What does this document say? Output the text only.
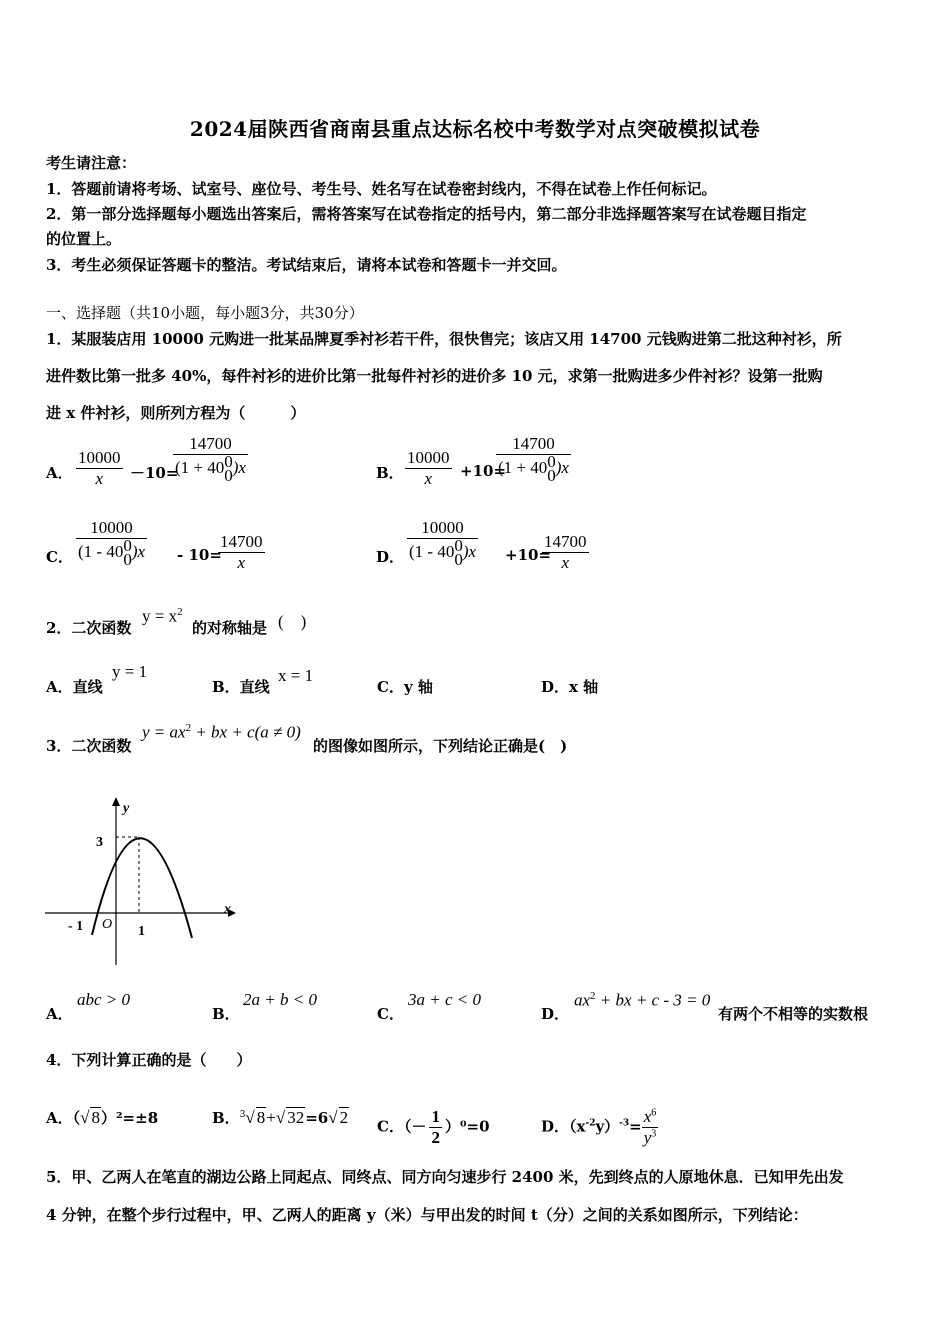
2024届陕西省商南县重点达标名校中考数学对点突破模拟试卷
考生请注意：
1．答题前请将考场、试室号、座位号、考生号、姓名写在试卷密封线内，不得在试卷上作任何标记。
2．第一部分选择题每小题选出答案后，需将答案写在试卷指定的括号内，第二部分非选择题答案写在试卷题目指定
的位置上。
3．考生必须保证答题卡的整洁。考试结束后，请将本试卷和答题卡一并交回。
一、选择题（共10小题，每小题3分，共30分）
1．某服装店用 10000 元购进一批某品牌夏季衬衫若干件，很快售完；该店又用 14700 元钱购进第二批这种衬衫，所
进件数比第一批多 40%，每件衬衫的进价比第一批每件衬衫的进价多 10 元，求第一批购进多少件衬衫？设第一批购
进 x 件衬衫，则所列方程为（　　　）
A． $\frac{10000}{x} -10=$
14700
(1 + 40 0
0 )x	B． $\frac{10000}{x} +10=$
14700
(1 + 40 0
0 )x
C． 10000
(1 - 40 0
0 )x - 10=
$\frac{14700}{x}$	D． 10000
(1 - 40 0
0 )x +10=
$\frac{14700}{x}$
2．二次函数
$y = x^2$
的对称轴是 (　)
A．直线
y = 1
B．直线
x = 1
C．y 轴	D．x 轴
3．二次函数
$y = ax^2$ + bx + c(a ≠ 0)
的图像如图所示，下列结论正确是(　)
y
x
3
- 1 O 1
A．
abc > 0
B．
2a + b < 0
C．
3a + c < 0
D．
$ax^2$ + bx + c - 3 = 0
有两个不相等的实数根
4．下列计算正确的是（　　）
A．（√ 8）²=±8	B．$^3$√ 8+√ 32=6√ 2 C．（－ $\frac{1}{2} )^0=0$	D．$(x^{-2}y)^{-3}= \frac{x^6}{y^3}$
5．甲、乙两人在笔直的湖边公路上同起点、同终点、同方向匀速步行 2400 米，先到终点的人原地休息．已知甲先出发
4 分钟，在整个步行过程中，甲、乙两人的距离 y（米）与甲出发的时间 t（分）之间的关系如图所示，下列结论：
